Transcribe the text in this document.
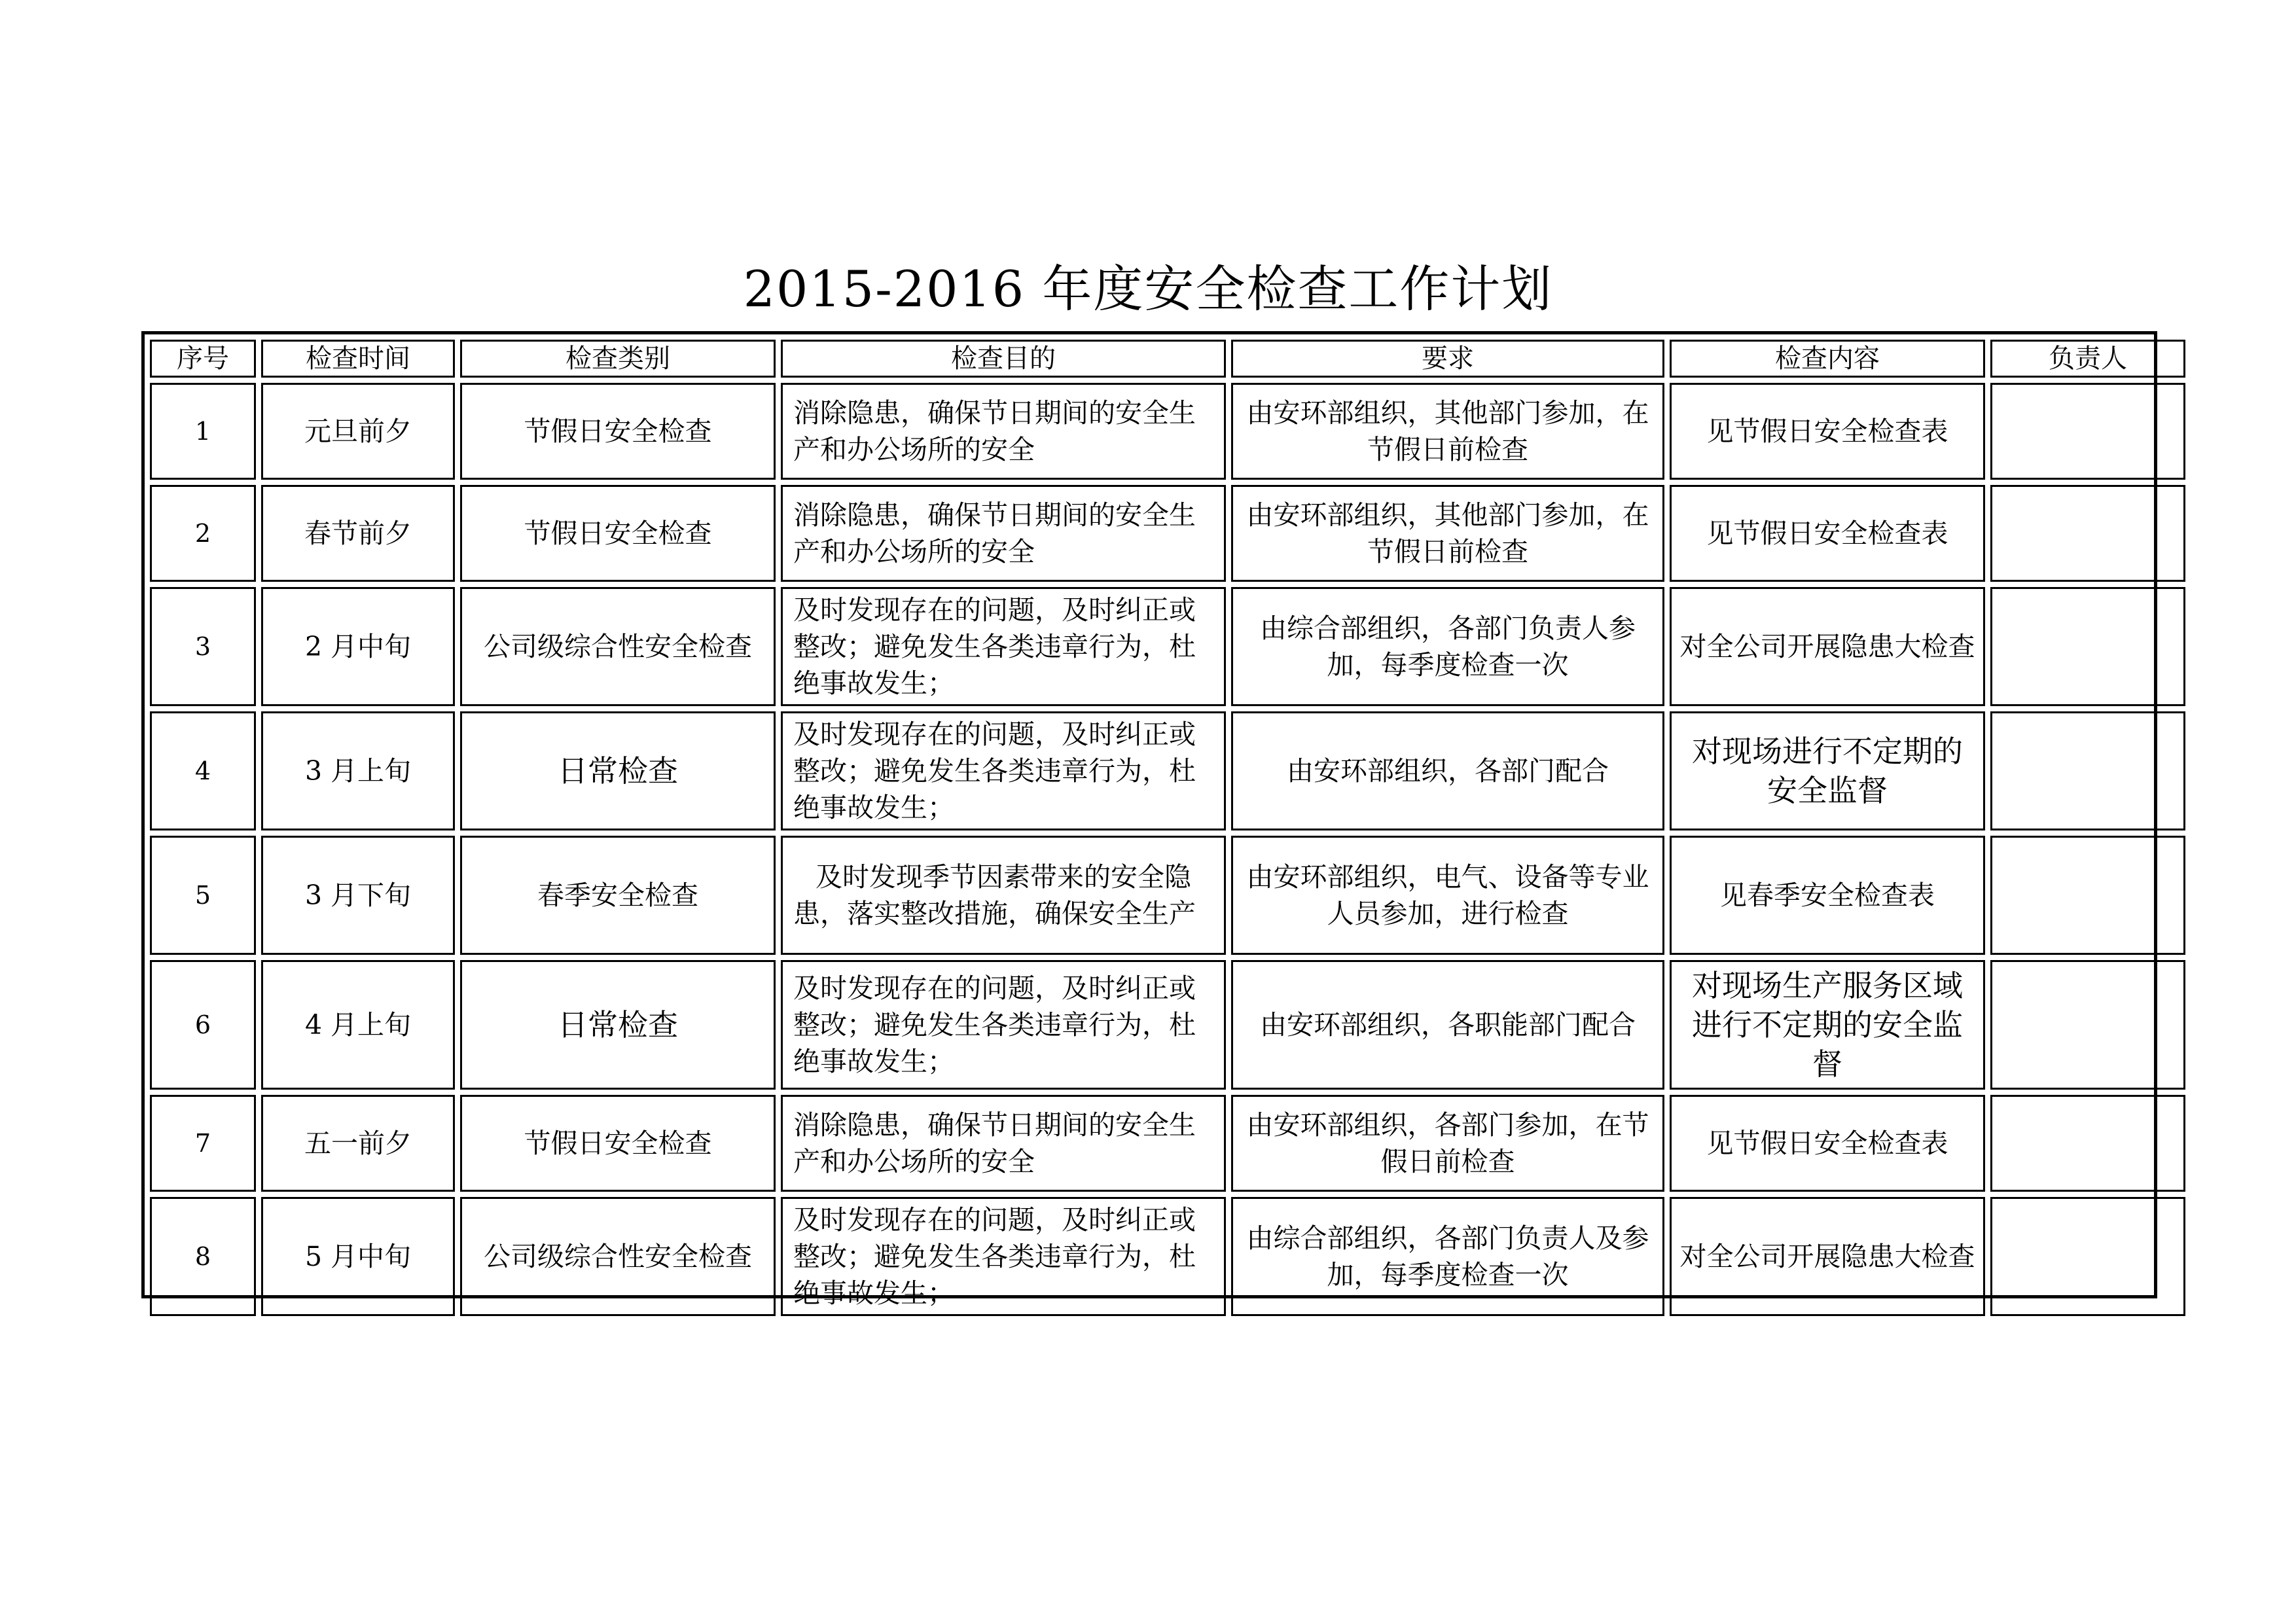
2015-2016 年度安全检查工作计划
序号	检查时间	检查类别	检查目的	要求	检查内容	负责人
1	元旦前夕	节假日安全检查	消除隐患，确保节日期间的安全生产和办公场所的安全	由安环部组织，其他部门参加，在节假日前检查	见节假日安全检查表	
2	春节前夕	节假日安全检查	消除隐患，确保节日期间的安全生产和办公场所的安全	由安环部组织，其他部门参加，在节假日前检查	见节假日安全检查表	
3	2 月中旬	公司级综合性安全检查	及时发现存在的问题，及时纠正或整改；避免发生各类违章行为，杜绝事故发生；	由综合部组织，各部门负责人参加，每季度检查一次	对全公司开展隐患大检查	
4	3 月上旬	日常检查	及时发现存在的问题，及时纠正或整改；避免发生各类违章行为，杜绝事故发生；	由安环部组织，各部门配合	对现场进行不定期的安全监督	
5	3 月下旬	春季安全检查	及时发现季节因素带来的安全隐患，落实整改措施，确保安全生产	由安环部组织，电气、设备等专业人员参加，进行检查	见春季安全检查表	
6	4 月上旬	日常检查	及时发现存在的问题，及时纠正或整改；避免发生各类违章行为，杜绝事故发生；	由安环部组织，各职能部门配合	对现场生产服务区域进行不定期的安全监督	
7	五一前夕	节假日安全检查	消除隐患，确保节日期间的安全生产和办公场所的安全	由安环部组织，各部门参加，在节假日前检查	见节假日安全检查表	
8	5 月中旬	公司级综合性安全检查	及时发现存在的问题，及时纠正或整改；避免发生各类违章行为，杜绝事故发生；	由综合部组织，各部门负责人及参加，每季度检查一次	对全公司开展隐患大检查	
